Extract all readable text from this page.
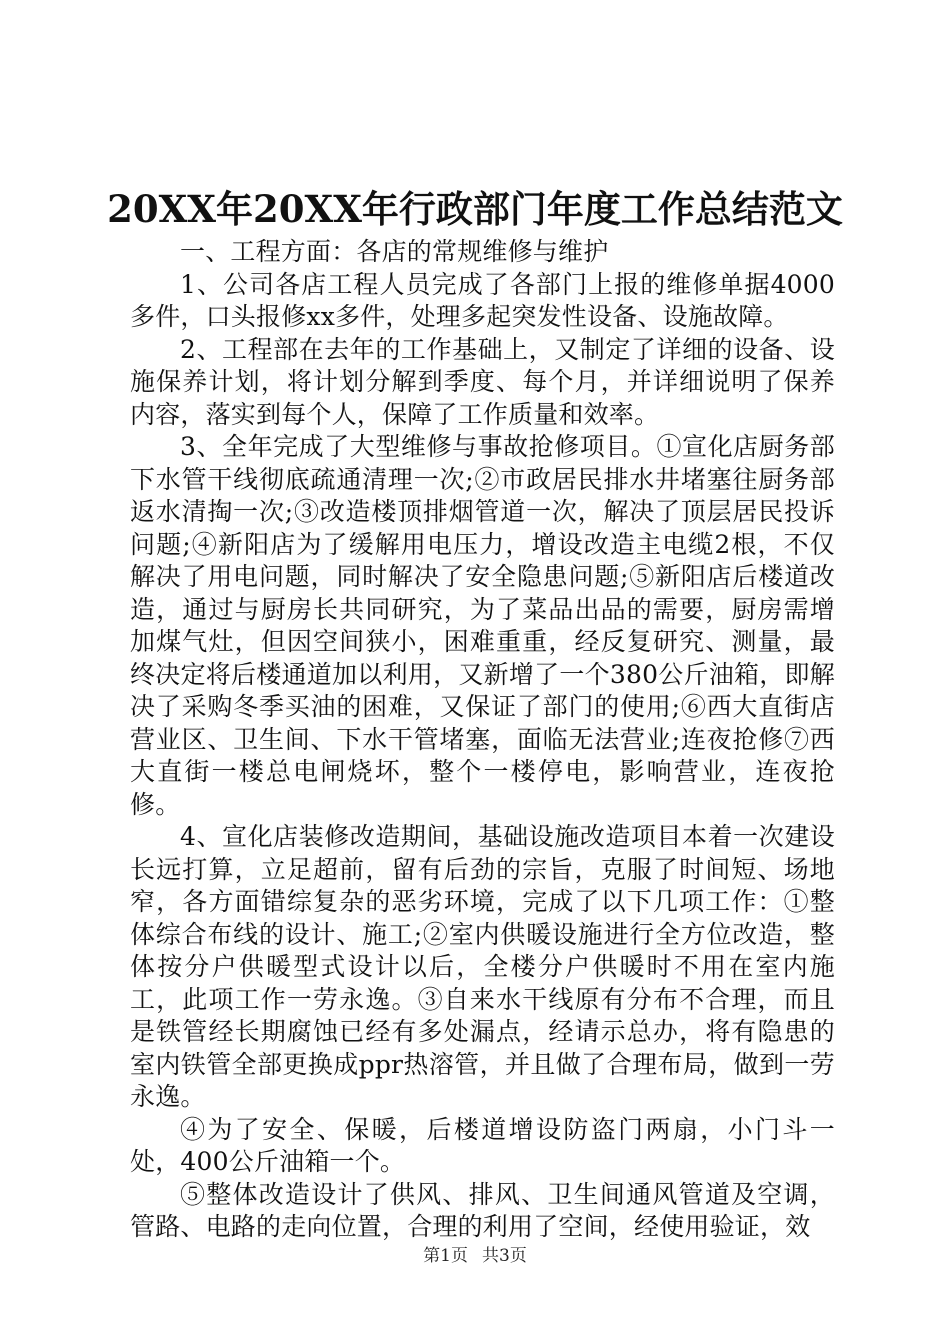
20XX年20XX年行政部门年度工作总结范文

一、工程方面：各店的常规维修与维护

1、公司各店工程人员完成了各部门上报的维修单据4000多件，口头报修xx多件，处理多起突发性设备、设施故障。

2、工程部在去年的工作基础上，又制定了详细的设备、设施保养计划，将计划分解到季度、每个月，并详细说明了保养内容，落实到每个人，保障了工作质量和效率。

3、全年完成了大型维修与事故抢修项目。①宣化店厨务部下水管干线彻底疏通清理一次;②市政居民排水井堵塞往厨务部返水清掏一次;③改造楼顶排烟管道一次，解决了顶层居民投诉问题;④新阳店为了缓解用电压力，增设改造主电缆2根，不仅解决了用电问题，同时解决了安全隐患问题;⑤新阳店后楼道改造，通过与厨房长共同研究，为了菜品出品的需要，厨房需增加煤气灶，但因空间狭小，困难重重，经反复研究、测量，最终决定将后楼通道加以利用，又新增了一个380公斤油箱，即解决了采购冬季买油的困难，又保证了部门的使用;⑥西大直街店营业区、卫生间、下水干管堵塞，面临无法营业;连夜抢修⑦西大直街一楼总电闸烧坏，整个一楼停电，影响营业，连夜抢修。

4、宣化店装修改造期间，基础设施改造项目本着一次建设长远打算，立足超前，留有后劲的宗旨，克服了时间短、场地窄，各方面错综复杂的恶劣环境，完成了以下几项工作：①整体综合布线的设计、施工;②室内供暖设施进行全方位改造，整体按分户供暖型式设计以后，全楼分户供暖时不用在室内施工，此项工作一劳永逸。③自来水干线原有分布不合理，而且是铁管经长期腐蚀已经有多处漏点，经请示总办，将有隐患的室内铁管全部更换成ppr热溶管，并且做了合理布局，做到一劳永逸。

④为了安全、保暖，后楼道增设防盗门两扇，小门斗一处，400公斤油箱一个。

⑤整体改造设计了供风、排风、卫生间通风管道及空调，管路、电路的走向位置，合理的利用了空间，经使用验证，效

第1页 共3页
